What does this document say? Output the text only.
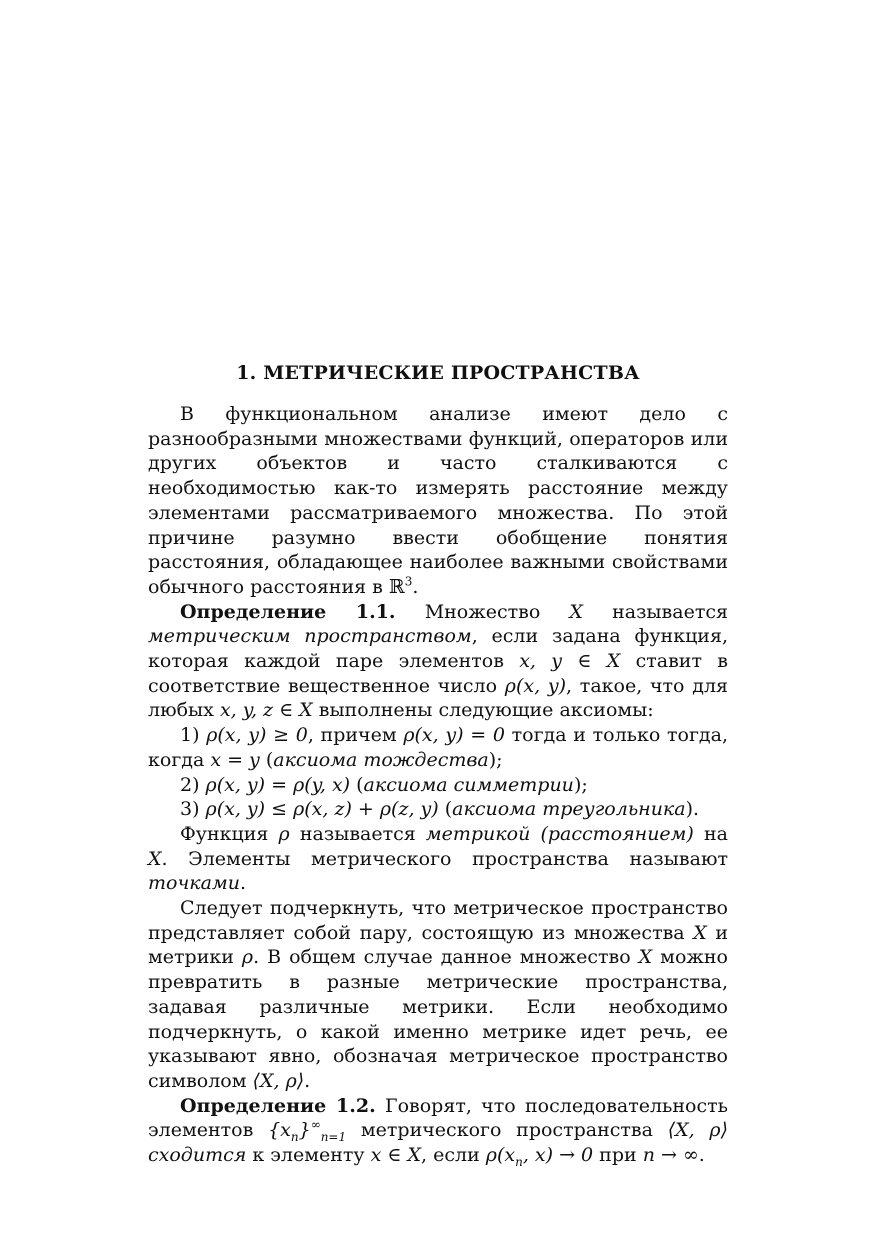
1. МЕТРИЧЕСКИЕ ПРОСТРАНСТВА

В функциональном анализе имеют дело с разнообразными множествами функций, операторов или других объектов и часто сталкиваются с необходимостью как-то измерять расстояние между элементами рассматриваемого множества. По этой причине разумно ввести обобщение понятия расстояния, обладающее наиболее важными свойствами обычного расстояния в ℝ$^3$.

Определение 1.1. Множество X называется метрическим пространством, если задана функция, которая каждой паре элементов x, y ∈ X ставит в соответствие вещественное число ρ(x, y), такое, что для любых x, y, z ∈ X выполнены следующие аксиомы:

1) ρ(x, y) ≥ 0, причем ρ(x, y) = 0 тогда и только тогда, когда x = y (аксиома тождества);

2) ρ(x, y) = ρ(y, x) (аксиома симметрии);

3) ρ(x, y) ≤ ρ(x, z) + ρ(z, y) (аксиома треугольника).

Функция ρ называется метрикой (расстоянием) на X. Элементы метрического пространства называют точками.

Следует подчеркнуть, что метрическое пространство представляет собой пару, состоящую из множества X и метрики ρ. В общем случае данное множество X можно превратить в разные метрические пространства, задавая различные метрики. Если необходимо подчеркнуть, о какой именно метрике идет речь, ее указывают явно, обозначая метрическое пространство символом ⟨X, ρ⟩.

Определение 1.2. Говорят, что последовательность элементов $\{x_n\}^\infty_{n=1}$ метрического пространства ⟨X, ρ⟩ сходится к элементу x ∈ X, если $\rho(x_n$, x) → 0 при n → ∞.
